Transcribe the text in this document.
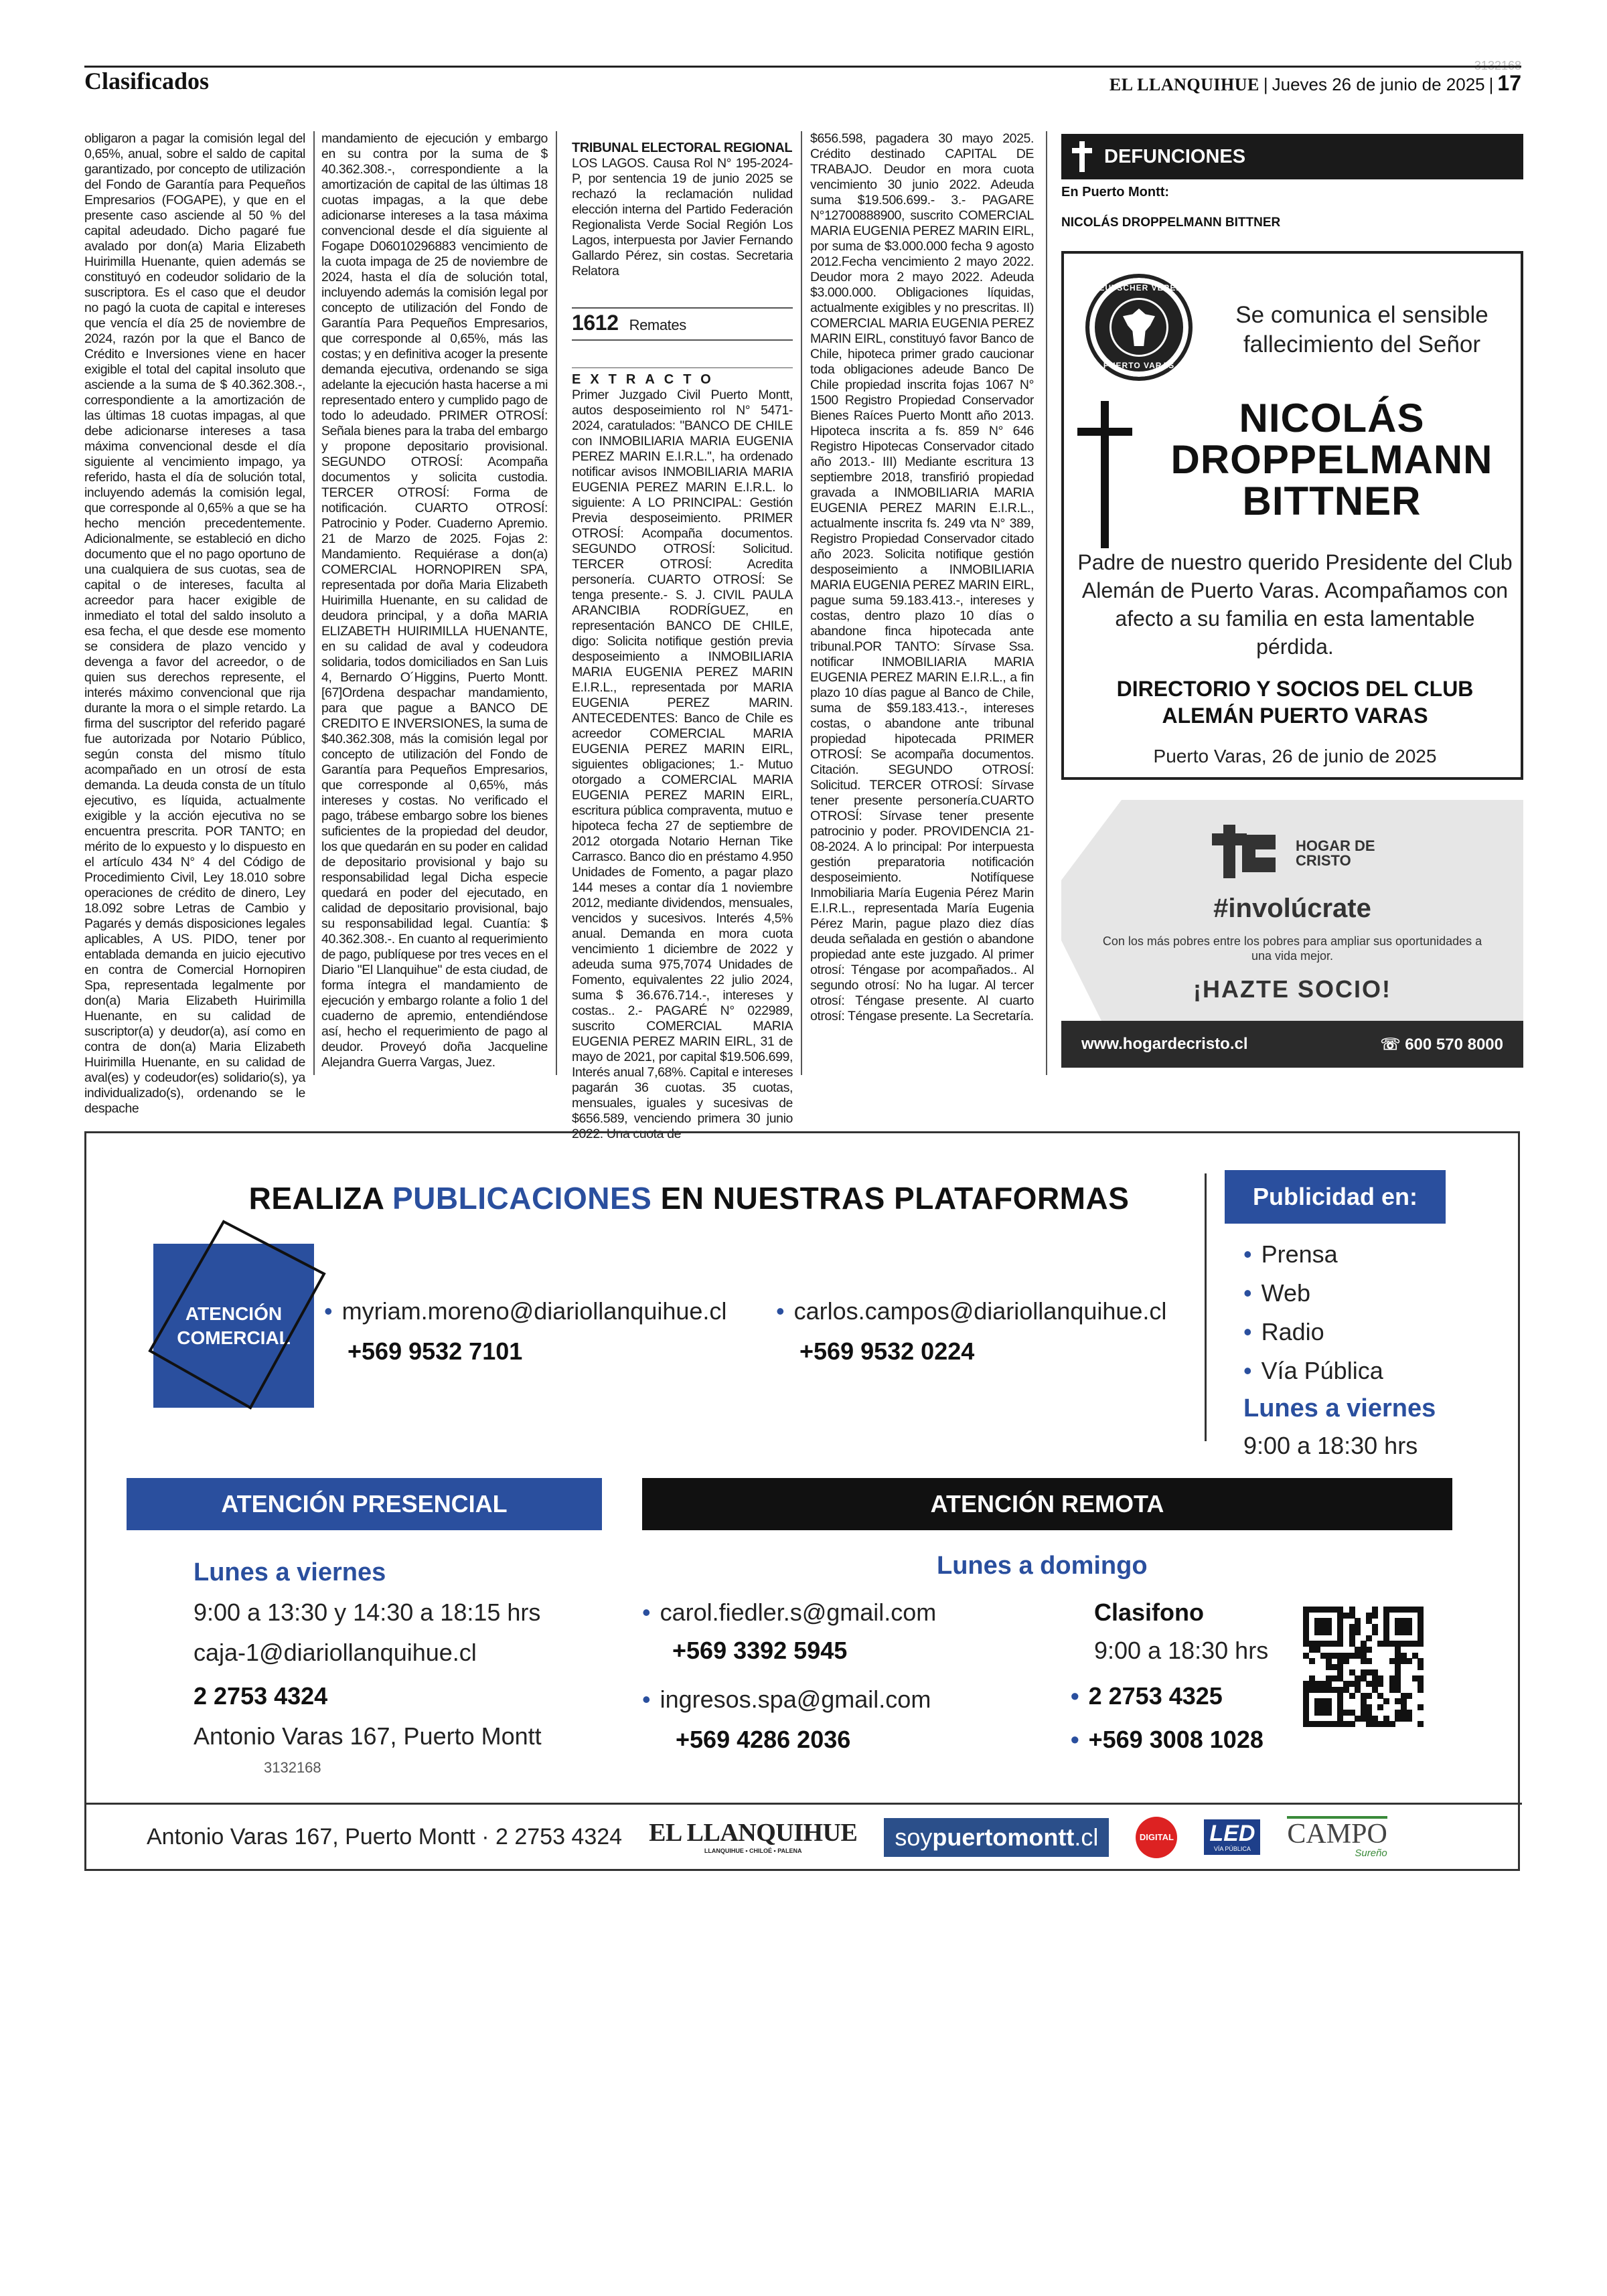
Clasificados	EL LLANQUIHUE | Jueves 26 de junio de 2025 | 17
obligaron a pagar la comisión legal del 0,65%, anual, sobre el saldo de capital garantizado, por concepto de utilización del Fondo de Garantía para Pequeños Empresarios (FOGAPE), y que en el presente caso asciende al 50 % del capital adeudado. Dicho pagaré fue avalado por don(a) Maria Elizabeth Huirimilla Huenante, quien además se constituyó en codeudor solidario de la suscriptora. Es el caso que el deudor no pagó la cuota de capital e intereses que vencía el día 25 de noviembre de 2024, razón por la que el Banco de Crédito e Inversiones viene en hacer exigible el total del capital insoluto que asciende a la suma de $ 40.362.308.-, correspondiente a la amortización de las últimas 18 cuotas impagas, al que debe adicionarse intereses a tasa máxima convencional desde el día siguiente al vencimiento impago, ya referido, hasta el día de solución total, incluyendo además la comisión legal, que corresponde al 0,65% a que se ha hecho mención precedentemente. Adicionalmente, se estableció en dicho documento que el no pago oportuno de una cualquiera de sus cuotas, sea de capital o de intereses, faculta al acreedor para hacer exigible de inmediato el total del saldo insoluto a esa fecha, el que desde ese momento se considera de plazo vencido y devenga a favor del acreedor, o de quien sus derechos represente, el interés máximo convencional que rija durante la mora o el simple retardo. La firma del suscriptor del referido pagaré fue autorizada por Notario Público, según consta del mismo título acompañado en un otrosí de esta demanda. La deuda consta de un título ejecutivo, es líquida, actualmente exigible y la acción ejecutiva no se encuentra prescrita. POR TANTO; en mérito de lo expuesto y lo dispuesto en el artículo 434 N° 4 del Código de Procedimiento Civil, Ley 18.010 sobre operaciones de crédito de dinero, Ley 18.092 sobre Letras de Cambio y Pagarés y demás disposiciones legales aplicables, A US. PIDO, tener por entablada demanda en juicio ejecutivo en contra de Comercial Hornopiren Spa, representada legalmente por don(a) Maria Elizabeth Huirimilla Huenante, en su calidad de suscriptor(a) y deudor(a), así como en contra de don(a) Maria Elizabeth Huirimilla Huenante, en su calidad de aval(es) y codeudor(es) solidario(s), ya individualizado(s), ordenando se le despache
mandamiento de ejecución y embargo en su contra por la suma de $ 40.362.308.-, correspondiente a la amortización de capital de las últimas 18 cuotas impagas, a la que debe adicionarse intereses a la tasa máxima convencional desde el día siguiente al Fogape D06010296883 vencimiento de la cuota impaga de 25 de noviembre de 2024, hasta el día de solución total, incluyendo además la comisión legal por concepto de utilización del Fondo de Garantía Para Pequeños Empresarios, que corresponde al 0,65%, más las costas; y en definitiva acoger la presente demanda ejecutiva, ordenando se siga adelante la ejecución hasta hacerse a mi representado entero y cumplido pago de todo lo adeudado. PRIMER OTROSÍ: Señala bienes para la traba del embargo y propone depositario provisional. SEGUNDO OTROSÍ: Acompaña documentos y solicita custodia. TERCER OTROSÍ: Forma de notificación. CUARTO OTROSÍ: Patrocinio y Poder. Cuaderno Apremio. 21 de Marzo de 2025. Fojas 2: Mandamiento. Requiérase a don(a) COMERCIAL HORNOPIREN SPA, representada por doña Maria Elizabeth Huirimilla Huenante, en su calidad de deudora principal, y a doña MARIA ELIZABETH HUIRIMILLA HUENANTE, en su calidad de aval y codeudora solidaria, todos domiciliados en San Luis 4, Bernardo O´Higgins, Puerto Montt. [67]Ordena despachar mandamiento, para que pague a BANCO DE CREDITO E INVERSIONES, la suma de $40.362.308, más la comisión legal por concepto de utilización del Fondo de Garantía para Pequeños Empresarios, que corresponde al 0,65%, más intereses y costas. No verificado el pago, trábese embargo sobre los bienes suficientes de la propiedad del deudor, los que quedarán en su poder en calidad de depositario provisional y bajo su responsabilidad legal Dicha especie quedará en poder del ejecutado, en calidad de depositario provisional, bajo su responsabilidad legal. Cuantía: $ 40.362.308.-. En cuanto al requerimiento de pago, publíquese por tres veces en el Diario "El Llanquihue" de esta ciudad, de forma íntegra el mandamiento de ejecución y embargo rolante a folio 1 del cuaderno de apremio, entendiéndose así, hecho el requerimiento de pago al deudor. Proveyó doña Jacqueline Alejandra Guerra Vargas, Juez.
TRIBUNAL ELECTORAL REGIONAL
LOS LAGOS. Causa Rol N° 195-2024-P, por sentencia 19 de junio 2025 se rechazó la reclamación nulidad elección interna del Partido Federación Regionalista Verde Social Región Los Lagos, interpuesta por Javier Fernando Gallardo Pérez, sin costas. Secretaria Relatora
1612 Remates
EXTRACTO
Primer Juzgado Civil Puerto Montt, autos desposeimiento rol N° 5471-2024, caratulados: "BANCO DE CHILE con INMOBILIARIA MARIA EUGENIA PEREZ MARIN E.I.R.L.", ha ordenado notificar avisos INMOBILIARIA MARIA EUGENIA PEREZ MARIN E.I.R.L. lo siguiente: A LO PRINCIPAL: Gestión Previa desposeimiento. PRIMER OTROSÍ: Acompaña documentos. SEGUNDO OTROSÍ: Solicitud. TERCER OTROSÍ: Acredita personería. CUARTO OTROSÍ: Se tenga presente.- S. J. CIVIL PAULA ARANCIBIA RODRÍGUEZ, en representación BANCO DE CHILE, digo: Solicita notifique gestión previa desposeimiento a INMOBILIARIA MARIA EUGENIA PEREZ MARIN E.I.R.L., representada por MARIA EUGENIA PEREZ MARIN. ANTECEDENTES: Banco de Chile es acreedor COMERCIAL MARIA EUGENIA PEREZ MARIN EIRL, siguientes obligaciones; 1.- Mutuo otorgado a COMERCIAL MARIA EUGENIA PEREZ MARIN EIRL, escritura pública compraventa, mutuo e hipoteca fecha 27 de septiembre de 2012 otorgada Notario Hernan Tike Carrasco. Banco dio en préstamo 4.950 Unidades de Fomento, a pagar plazo 144 meses a contar día 1 noviembre 2012, mediante dividendos, mensuales, vencidos y sucesivos. Interés 4,5% anual. Demanda en mora cuota vencimiento 1 diciembre de 2022 y adeuda suma 975,7074 Unidades de Fomento, equivalentes 22 julio 2024, suma $ 36.676.714.-, intereses y costas.. 2.- PAGARÉ N° 022989, suscrito COMERCIAL MARIA EUGENIA PEREZ MARIN EIRL, 31 de mayo de 2021, por capital $19.506.699, Interés anual 7,68%. Capital e intereses pagarán 36 cuotas. 35 cuotas, mensuales, iguales y sucesivas de $656.589, venciendo primera 30 junio 2022. Una cuota de
$656.598, pagadera 30 mayo 2025. Crédito destinado CAPITAL DE TRABAJO. Deudor en mora cuota vencimiento 30 junio 2022. Adeuda suma $19.506.699.- 3.- PAGARE N°12700888900, suscrito COMERCIAL MARIA EUGENIA PEREZ MARIN EIRL, por suma de $3.000.000 fecha 9 agosto 2012.Fecha vencimiento 2 mayo 2022. Deudor mora 2 mayo 2022. Adeuda $3.000.000. Obligaciones líquidas, actualmente exigibles y no prescritas. II) COMERCIAL MARIA EUGENIA PEREZ MARIN EIRL, constituyó favor Banco de Chile, hipoteca primer grado caucionar toda obligaciones adeude Banco De Chile propiedad inscrita fojas 1067 N° 1500 Registro Propiedad Conservador Bienes Raíces Puerto Montt año 2013. Hipoteca inscrita a fs. 859 N° 646 Registro Hipotecas Conservador citado año 2013.- III) Mediante escritura 13 septiembre 2018, transfirió propiedad gravada a INMOBILIARIA MARIA EUGENIA PEREZ MARIN E.I.R.L., actualmente inscrita fs. 249 vta N° 389, Registro Propiedad Conservador citado año 2023. Solicita notifique gestión desposeimiento a INMOBILIARIA MARIA EUGENIA PEREZ MARIN EIRL, pague suma 59.183.413.-, intereses y costas, dentro plazo 10 días o abandone finca hipotecada ante tribunal.POR TANTO: Sírvase Ssa. notificar INMOBILIARIA MARIA EUGENIA PEREZ MARIN E.I.R.L., a fin plazo 10 días pague al Banco de Chile, suma de $59.183.413.-, intereses costas, o abandone ante tribunal propiedad hipotecada PRIMER OTROSÍ: Se acompaña documentos. Citación. SEGUNDO OTROSÍ: Solicitud. TERCER OTROSÍ: Sírvase tener presente personería.CUARTO OTROSÍ: Sírvase tener presente patrocinio y poder. PROVIDENCIA 21-08-2024. A lo principal: Por interpuesta gestión preparatoria notificación desposeimiento. Notifíquese Inmobiliaria María Eugenia Pérez Marin E.I.R.L., representada María Eugenia Pérez Marin, pague plazo diez días deuda señalada en gestión o abandone propiedad ante este juzgado. Al primer otrosí: Téngase por acompañados.. Al segundo otrosí: No ha lugar. Al tercer otrosí: Téngase presente. Al cuarto otrosí: Téngase presente. La Secretaría.
DEFUNCIONES
En Puerto Montt:
NICOLÁS DROPPELMANN BITTNER
DEUTSCHER VEREIN
PUERTO VARAS
Se comunica el sensible fallecimiento del Señor
NICOLÁS DROPPELMANN BITTNER
Padre de nuestro querido Presidente del Club Alemán de Puerto Varas. Acompañamos con afecto a su familia en esta lamentable pérdida.
DIRECTORIO Y SOCIOS DEL CLUB ALEMÁN PUERTO VARAS
Puerto Varas, 26 de junio de 2025
HOGAR DE CRISTO
#involúcrate
Con los más pobres entre los pobres para ampliar sus oportunidades a una vida mejor.
¡HAZTE SOCIO!
www.hogardecristo.cl	☏ 600 570 8000
REALIZA PUBLICACIONES EN NUESTRAS PLATAFORMAS
ATENCIÓN COMERCIAL
• myriam.moreno@diariollanquihue.cl
+569 9532 7101
• carlos.campos@diariollanquihue.cl
+569 9532 0224
Publicidad en:
• Prensa
• Web
• Radio
• Vía Pública
Lunes a viernes
9:00 a 18:30 hrs
ATENCIÓN PRESENCIAL
Lunes a viernes
9:00 a 13:30 y 14:30 a 18:15 hrs
caja-1@diariollanquihue.cl
2 2753 4324
Antonio Varas 167, Puerto Montt
3132168
ATENCIÓN REMOTA
Lunes a domingo
• carol.fiedler.s@gmail.com
+569 3392 5945
• ingresos.spa@gmail.com
+569 4286 2036
Clasifono
9:00 a 18:30 hrs
• 2 2753 4325
• +569 3008 1028
Antonio Varas 167, Puerto Montt · 2 2753 4324 EL LLANQUIHUE
LLANQUIHUE • CHILOÉ • PALENA
soypuertomontt.cl	DIGITAL LED
VÍA PÚBLICA CAMPO
Sureño
